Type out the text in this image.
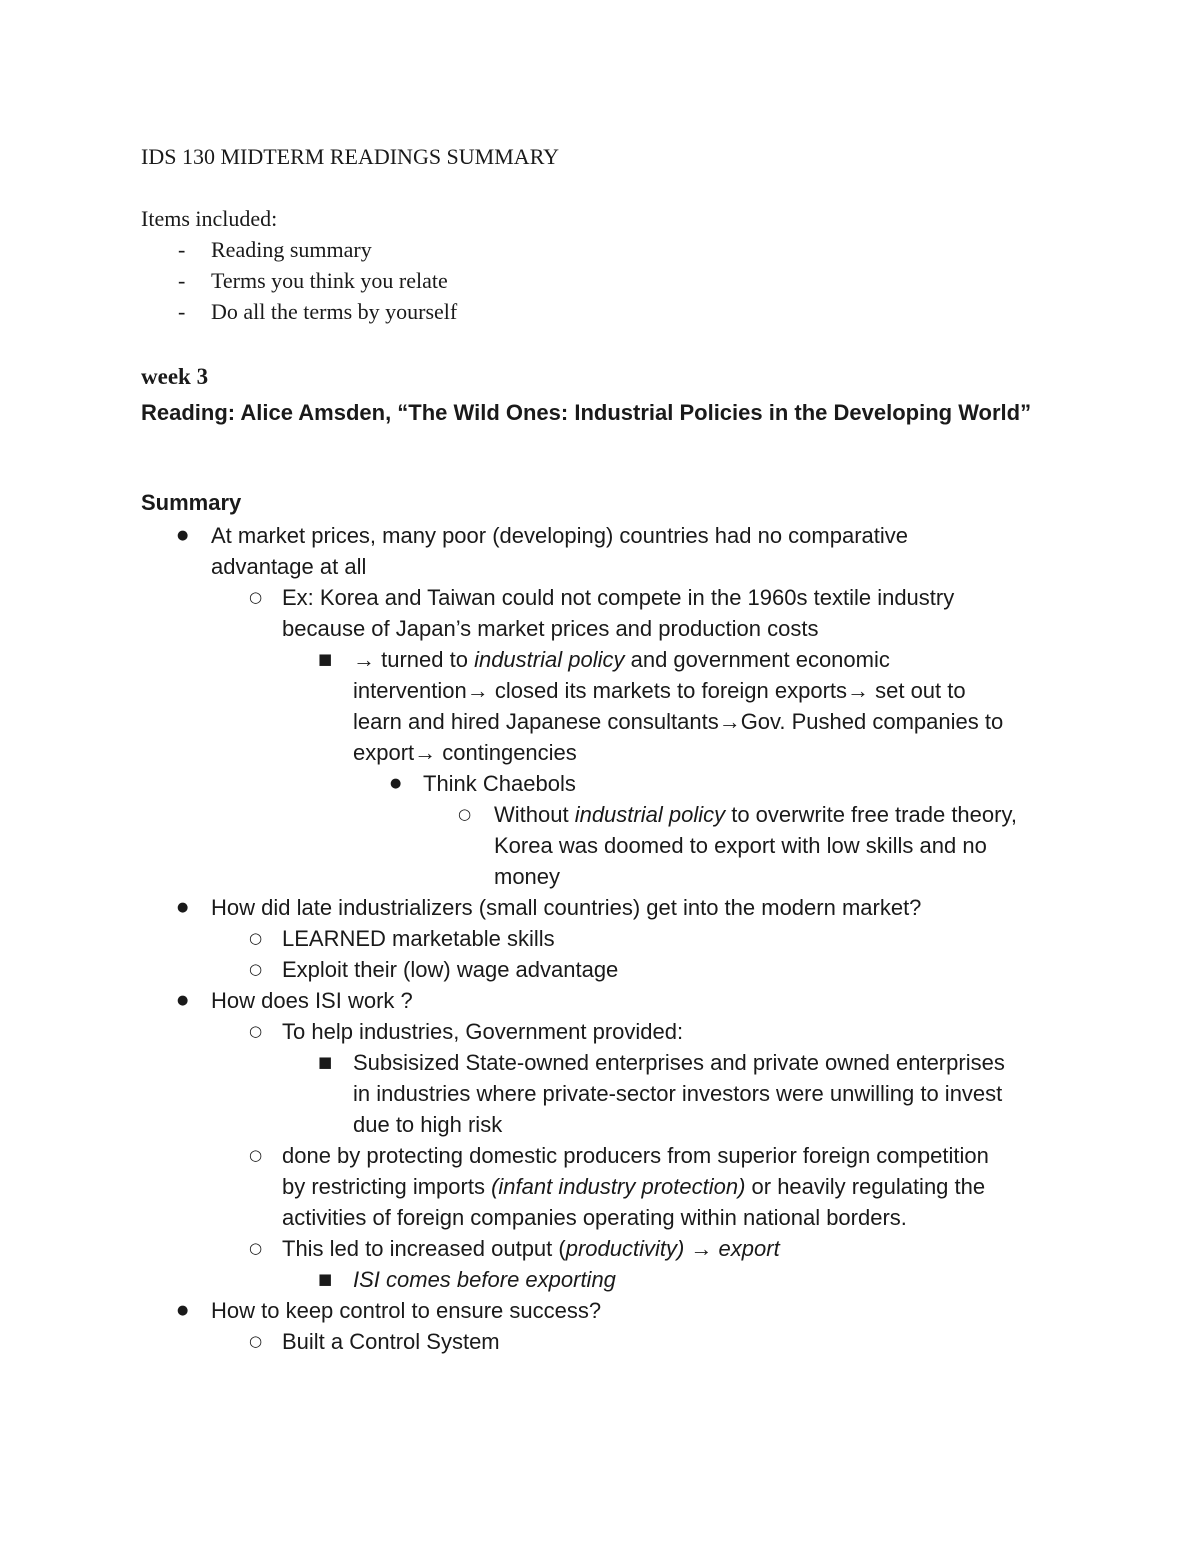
IDS 130 MIDTERM READINGS SUMMARY
Items included:
- Reading summary
- Terms you think you relate
- Do all the terms by yourself
week 3
Reading: Alice Amsden, “The Wild Ones: Industrial Policies in the Developing World”
Summary
● At market prices, many poor (developing) countries had no comparative
advantage at all
○ Ex: Korea and Taiwan could not compete in the 1960s textile industry
because of Japan’s market prices and production costs
■ → turned to industrial policy and government economic
intervention→ closed its markets to foreign exports→ set out to
learn and hired Japanese consultants→Gov. Pushed companies to
export→ contingencies
● Think Chaebols
○ Without industrial policy to overwrite free trade theory,
Korea was doomed to export with low skills and no
money
● How did late industrializers (small countries) get into the modern market?
○ LEARNED marketable skills
○ Exploit their (low) wage advantage
● How does ISI work ?
○ To help industries, Government provided:
■ Subsisized State-owned enterprises and private owned enterprises
in industries where private-sector investors were unwilling to invest
due to high risk
○ done by protecting domestic producers from superior foreign competition
by restricting imports (infant industry protection) or heavily regulating the
activities of foreign companies operating within national borders.
○ This led to increased output (productivity) → export
■ ISI comes before exporting
● How to keep control to ensure success?
○ Built a Control System
